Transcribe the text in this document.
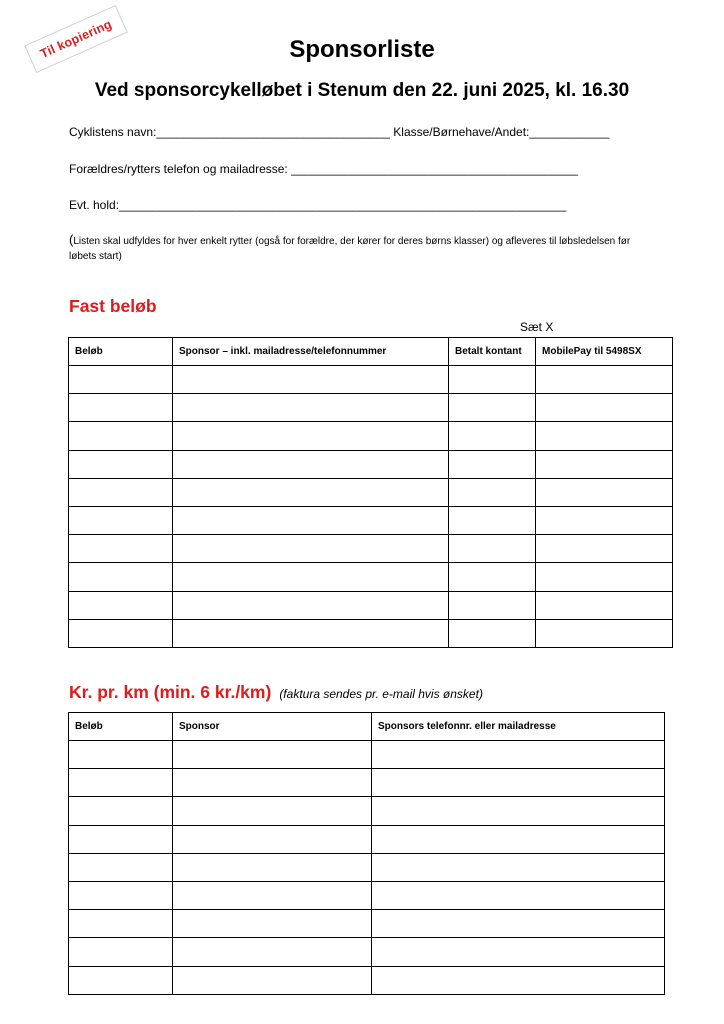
Til kopiering	Sponsorliste
Ved sponsorcykelløbet i Stenum den 22. juni 2025, kl. 16.30
Cyklistens navn:___________________________________ Klasse/Børnehave/Andet:____________
Forældres/rytters telefon og mailadresse: ___________________________________________
Evt. hold:___________________________________________________________________
(Listen skal udfyldes for hver enkelt rytter (også for forældre, der kører for deres børns klasser) og afleveres til løbsledelsen før løbets start)
Fast beløb
Sæt X
Beløb	Sponsor – inkl. mailadresse/telefonnummer	Betalt kontant	MobilePay til 5498SX

Kr. pr. km (min. 6 kr./km) (faktura sendes pr. e-mail hvis ønsket)
Beløb	Sponsor	Sponsors telefonnr. eller mailadresse
